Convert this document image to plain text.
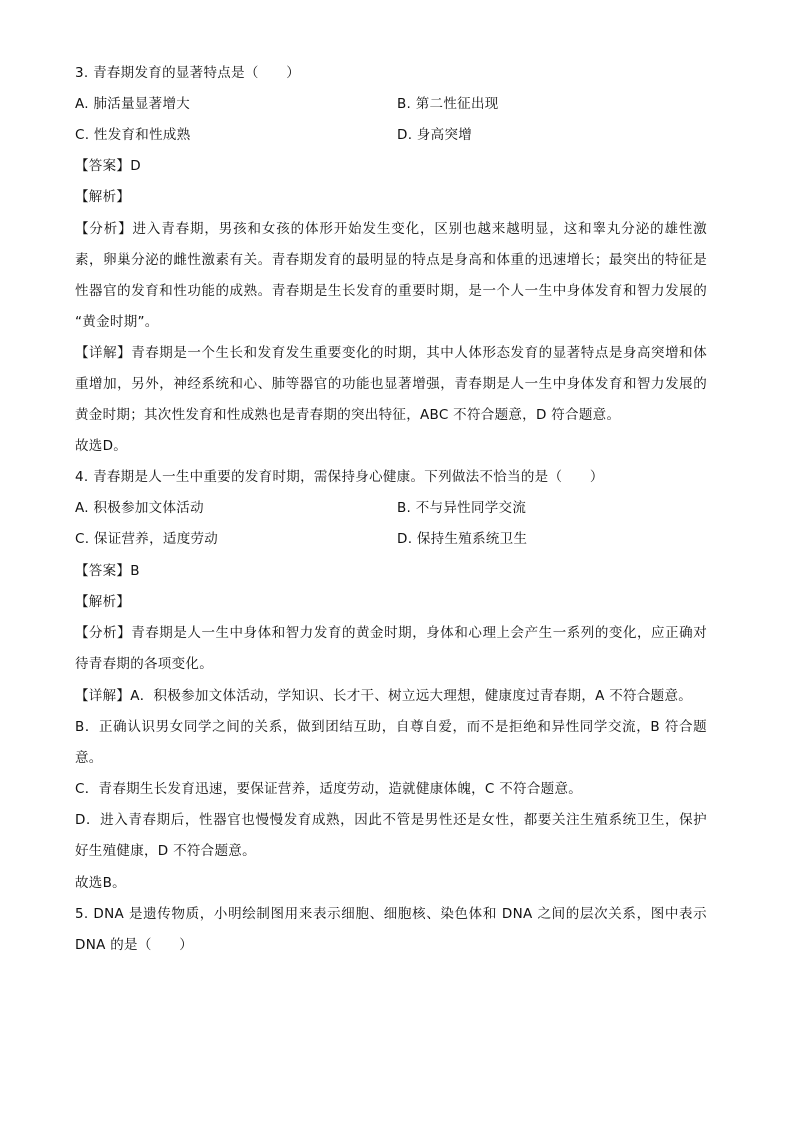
3. 青春期发育的显著特点是（　　）
A. 肺活量显著增大	B. 第二性征出现
C. 性发育和性成熟	D. 身高突增
【答案】D
【解析】
【分析】进入青春期，男孩和女孩的体形开始发生变化，区别也越来越明显，这和睾丸分泌的雄性激
素，卵巢分泌的雌性激素有关。青春期发育的最明显的特点是身高和体重的迅速增长；最突出的特征是
性器官的发育和性功能的成熟。青春期是生长发育的重要时期，是一个人一生中身体发育和智力发展的
“黄金时期”。
【详解】青春期是一个生长和发育发生重要变化的时期，其中人体形态发育的显著特点是身高突增和体
重增加，另外，神经系统和心、肺等器官的功能也显著增强，青春期是人一生中身体发育和智力发展的
黄金时期；其次性发育和性成熟也是青春期的突出特征，ABC 不符合题意，D 符合题意。
故选D。
4. 青春期是人一生中重要的发育时期，需保持身心健康。下列做法不恰当的是（　　）
A. 积极参加文体活动	B. 不与异性同学交流
C. 保证营养，适度劳动	D. 保持生殖系统卫生
【答案】B
【解析】
【分析】青春期是人一生中身体和智力发育的黄金时期，身体和心理上会产生一系列的变化，应正确对
待青春期的各项变化。
【详解】A．积极参加文体活动，学知识、长才干、树立远大理想，健康度过青春期，A 不符合题意。
B．正确认识男女同学之间的关系，做到团结互助，自尊自爱，而不是拒绝和异性同学交流，B 符合题
意。
C．青春期生长发育迅速，要保证营养，适度劳动，造就健康体魄，C 不符合题意。
D．进入青春期后，性器官也慢慢发育成熟，因此不管是男性还是女性，都要关注生殖系统卫生，保护
好生殖健康，D 不符合题意。
故选B。
5. DNA 是遗传物质，小明绘制图用来表示细胞、细胞核、染色体和 DNA 之间的层次关系，图中表示
DNA 的是（　　）
